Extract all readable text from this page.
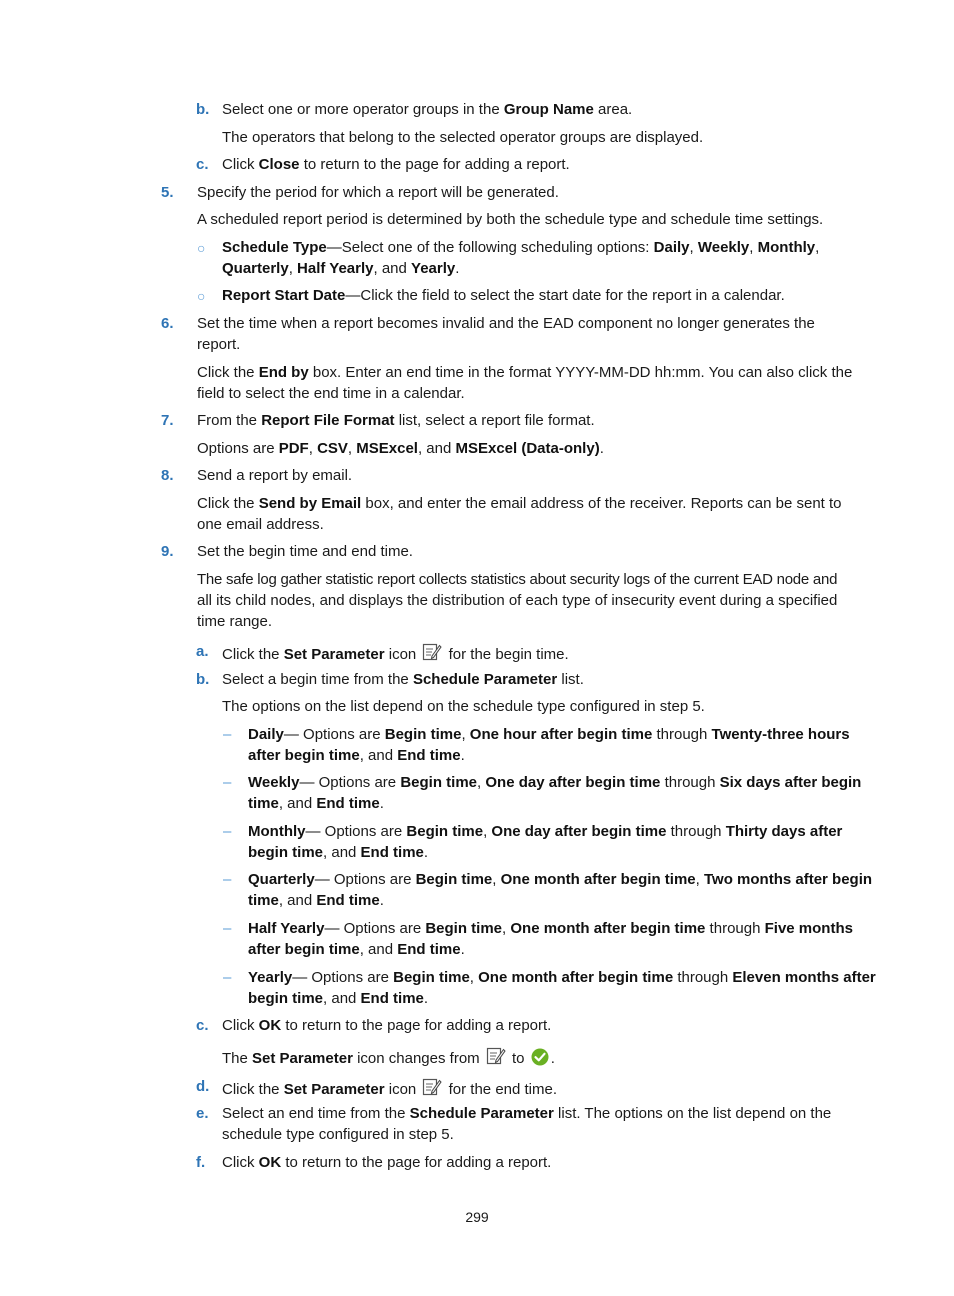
b. Select one or more operator groups in the Group Name area.
The operators that belong to the selected operator groups are displayed.
c. Click Close to return to the page for adding a report.
5. Specify the period for which a report will be generated.
A scheduled report period is determined by both the schedule type and schedule time settings.
○ Schedule Type—Select one of the following scheduling options: Daily, Weekly, Monthly,
Quarterly, Half Yearly, and Yearly.
○ Report Start Date—Click the field to select the start date for the report in a calendar.
6. Set the time when a report becomes invalid and the EAD component no longer generates the
report.
Click the End by box. Enter an end time in the format YYYY-MM-DD hh:mm. You can also click the
field to select the end time in a calendar.
7. From the Report File Format list, select a report file format.
Options are PDF, CSV, MSExcel, and MSExcel (Data-only).
8. Send a report by email.
Click the Send by Email box, and enter the email address of the receiver. Reports can be sent to
one email address.
9. Set the begin time and end time.
The safe log gather statistic report collects statistics about security logs of the current EAD node and
all its child nodes, and displays the distribution of each type of insecurity event during a specified
time range.
a. Click the Set Parameter icon  for the begin time.
b. Select a begin time from the Schedule Parameter list.
The options on the list depend on the schedule type configured in step 5.
– Daily— Options are Begin time, One hour after begin time through Twenty-three hours
after begin time, and End time.
– Weekly— Options are Begin time, One day after begin time through Six days after begin
time, and End time.
– Monthly— Options are Begin time, One day after begin time through Thirty days after
begin time, and End time.
– Quarterly— Options are Begin time, One month after begin time, Two months after begin
time, and End time.
– Half Yearly— Options are Begin time, One month after begin time through Five months
after begin time, and End time.
– Yearly— Options are Begin time, One month after begin time through Eleven months after
begin time, and End time.
c. Click OK to return to the page for adding a report.
The Set Parameter icon changes from  to .
d. Click the Set Parameter icon  for the end time.
e. Select an end time from the Schedule Parameter list. The options on the list depend on the
schedule type configured in step 5.
f. Click OK to return to the page for adding a report.
299
